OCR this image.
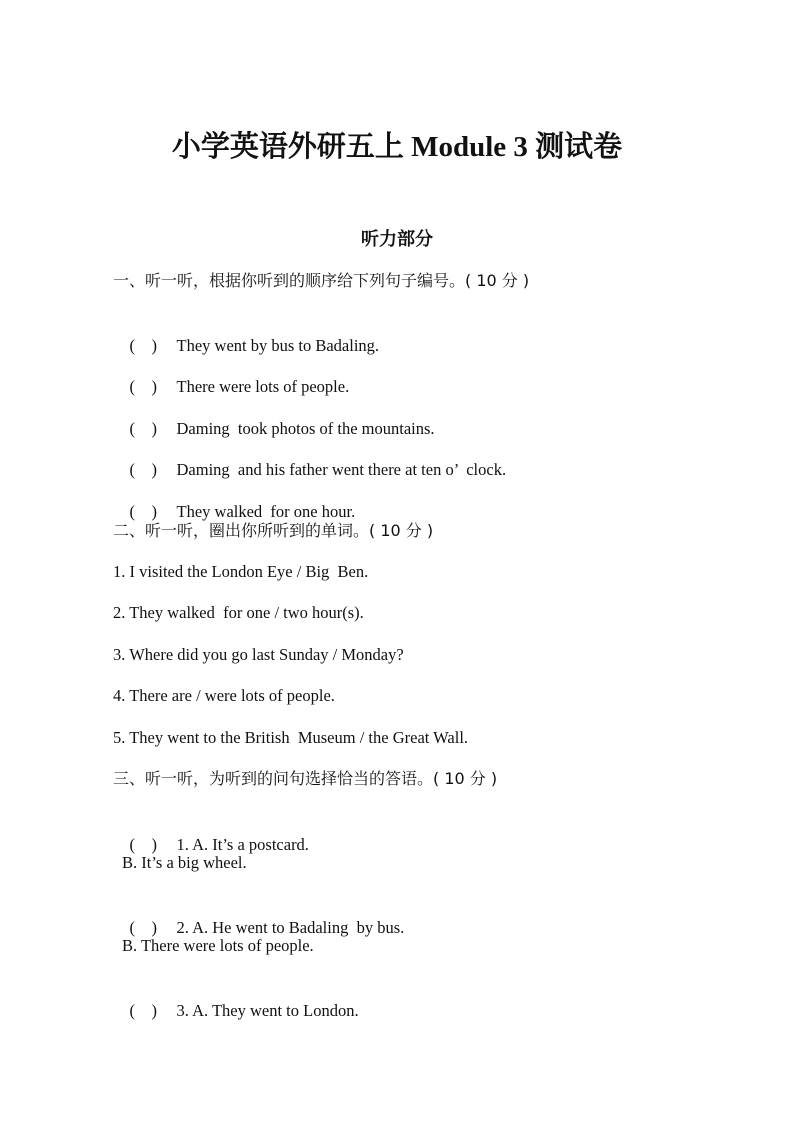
小学英语外研五上 Module 3 测试卷
听力部分
一、听一听，根据你听到的顺序给下列句子编号。( 10 分 )

(    ) They went by bus to Badaling.

(    ) There were lots of people.

(    ) Daming  took photos of the mountains.

(    ) Daming  and his father went there at ten o’  clock.

(    ) They walked  for one hour.

二、听一听，圈出你所听到的单词。( 10 分 )
1. I visited the London Eye / Big  Ben.
2. They walked  for one / two hour(s).
3. Where did you go last Sunday / Monday?
4. There are / were lots of people.
5. They went to the British  Museum / the Great Wall.
三、听一听，为听到的问句选择恰当的答语。( 10 分 )

(    ) 1. A. It’s a postcard.

B. It’s a big wheel.

(    ) 2. A. He went to Badaling  by bus.

B. There were lots of people.

(    ) 3. A. They went to London.
